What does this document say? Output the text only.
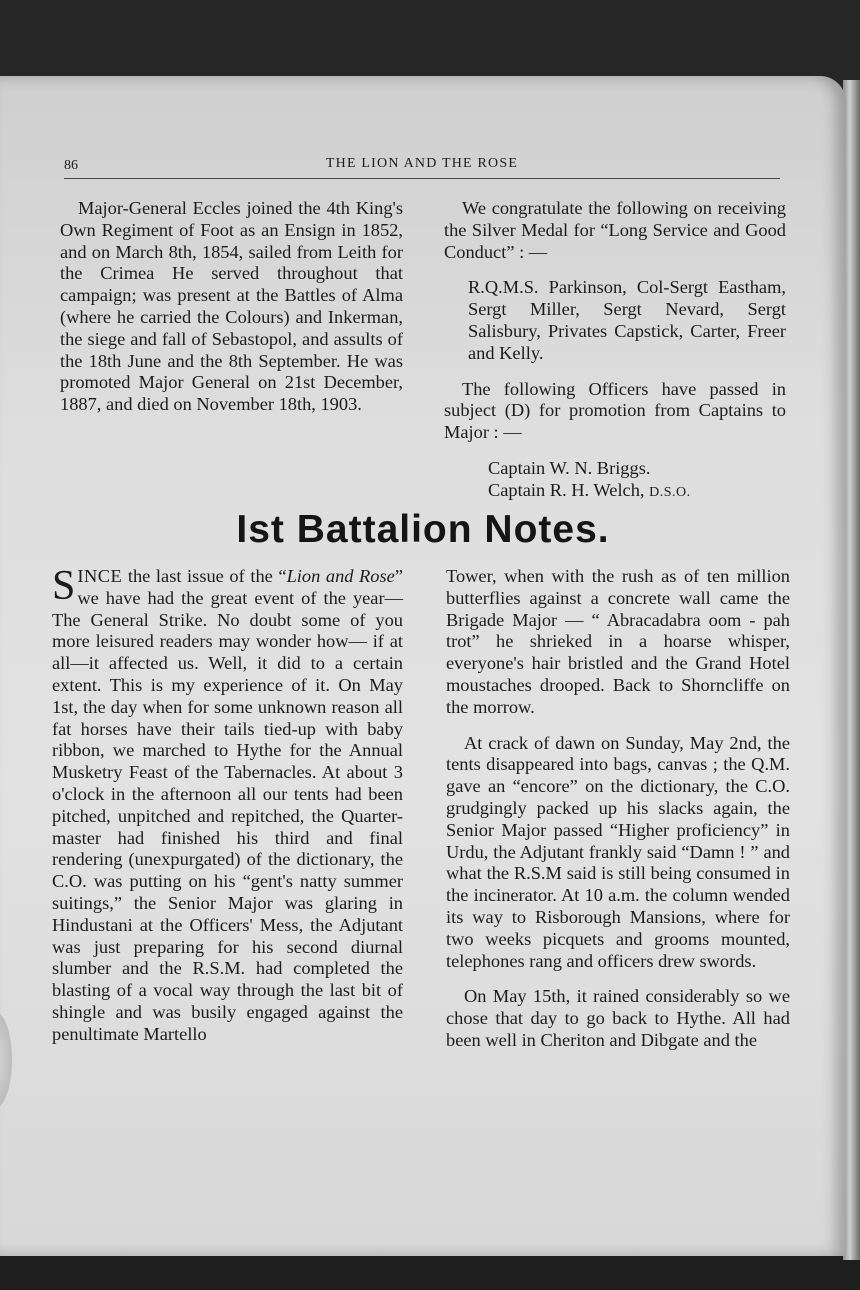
86	THE LION AND THE ROSE

Major-General Eccles joined the 4th King's Own Regiment of Foot as an Ensign in 1852, and on March 8th, 1854, sailed from Leith for the Crimea He served throughout that campaign; was present at the Battles of Alma (where he carried the Colours) and Inkerman, the siege and fall of Sebastopol, and assults of the 18th June and the 8th September. He was promoted Major General on 21st December, 1887, and died on November 18th, 1903.

We congratulate the following on receiving the Silver Medal for “Long Service and Good Conduct” : —

R.Q.M.S. Parkinson, Col-Sergt Eastham, Sergt Miller, Sergt Nevard, Sergt Salisbury, Privates Capstick, Carter, Freer and Kelly.

The following Officers have passed in subject (D) for promotion from Captains to Major : —

Captain W. N. Briggs.

Captain R. H. Welch, D.S.O.

Ist Battalion Notes.

SINCE the last issue of the “Lion and Rose” we have had the great event of the year— The General Strike. No doubt some of you more leisured readers may wonder how— if at all—it affected us. Well, it did to a certain extent. This is my experience of it. On May 1st, the day when for some unknown reason all fat horses have their tails tied-up with baby ribbon, we marched to Hythe for the Annual Musketry Feast of the Tabernacles. At about 3 o'clock in the afternoon all our tents had been pitched, unpitched and repitched, the Quarter-master had finished his third and final rendering (unexpurgated) of the dictionary, the C.O. was putting on his “gent's natty summer suitings,” the Senior Major was glaring in Hindustani at the Officers' Mess, the Adjutant was just preparing for his second diurnal slumber and the R.S.M. had completed the blasting of a vocal way through the last bit of shingle and was busily engaged against the penultimate Martello

Tower, when with the rush as of ten million butterflies against a concrete wall came the Brigade Major — “ Abracadabra oom - pah trot” he shrieked in a hoarse whisper, everyone's hair bristled and the Grand Hotel moustaches drooped. Back to Shorncliffe on the morrow.

At crack of dawn on Sunday, May 2nd, the tents disappeared into bags, canvas ; the Q.M. gave an “encore” on the dictionary, the C.O. grudgingly packed up his slacks again, the Senior Major passed “Higher proficiency” in Urdu, the Adjutant frankly said “Damn ! ” and what the R.S.M said is still being consumed in the incinerator. At 10 a.m. the column wended its way to Risborough Mansions, where for two weeks picquets and grooms mounted, telephones rang and officers drew swords.

On May 15th, it rained considerably so we chose that day to go back to Hythe. All had been well in Cheriton and Dibgate and the
